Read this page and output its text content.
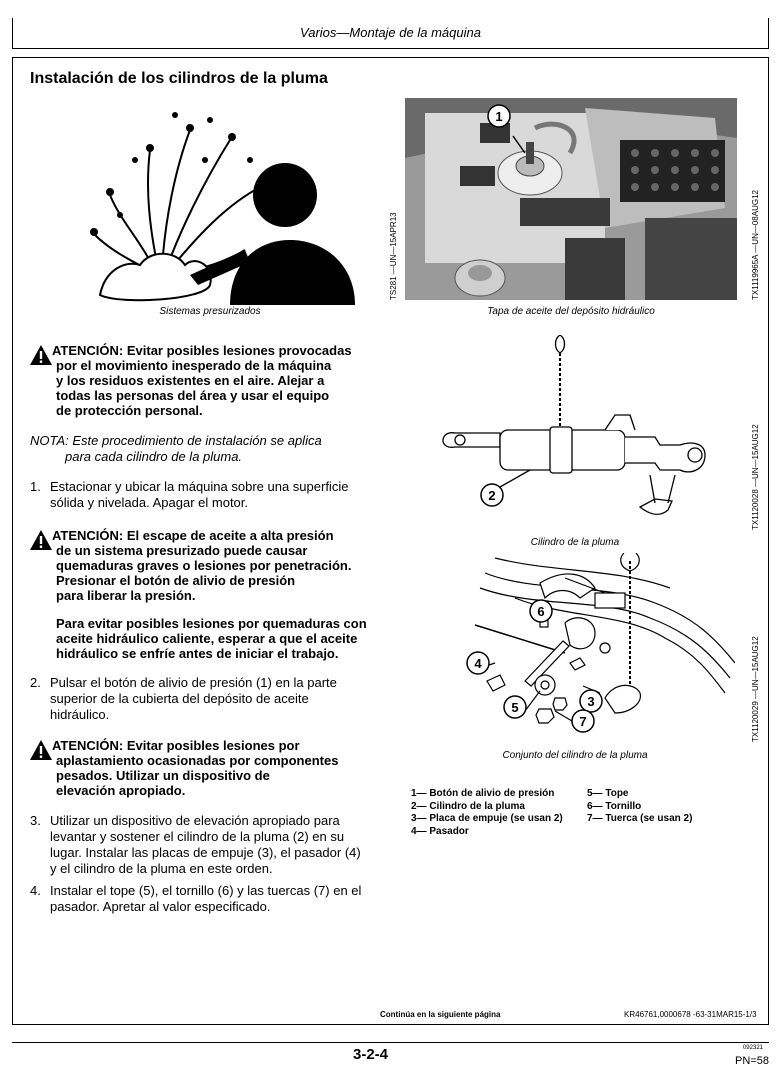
Varios—Montaje de la máquina
Instalación de los cilindros de la pluma
TS281 —UN—15APR13
Sistemas presurizados
1
TX1119965A —UN—08AUG12
Tapa de aceite del depósito hidráulico
ATENCIÓN: Evitar posibles lesiones provocadas
por el movimiento inesperado de la máquina
y los residuos existentes en el aire. Alejar a
todas las personas del área y usar el equipo
de protección personal.
NOTA: Este procedimiento de instalación se aplica
para cada cilindro de la pluma.
1. Estacionar y ubicar la máquina sobre una superficie
sólida y nivelada. Apagar el motor.
ATENCIÓN: El escape de aceite a alta presión
de un sistema presurizado puede causar
quemaduras graves o lesiones por penetración.
Presionar el botón de alivio de presión
para liberar la presión.
Para evitar posibles lesiones por quemaduras con
aceite hidráulico caliente, esperar a que el aceite
hidráulico se enfríe antes de iniciar el trabajo.
2. Pulsar el botón de alivio de presión (1) en la parte
superior de la cubierta del depósito de aceite
hidráulico.
ATENCIÓN: Evitar posibles lesiones por
aplastamiento ocasionadas por componentes
pesados. Utilizar un dispositivo de
elevación apropiado.
3. Utilizar un dispositivo de elevación apropiado para
levantar y sostener el cilindro de la pluma (2) en su
lugar. Instalar las placas de empuje (3), el pasador (4)
y el cilindro de la pluma en este orden.
4. Instalar el tope (5), el tornillo (6) y las tuercas (7) en el
pasador. Apretar al valor especificado.
2	TX1120028 —UN—15AUG12
Cilindro de la pluma
6
4
5	3
7	TX1120029 —UN—15AUG12
Conjunto del cilindro de la pluma
1— Botón de alivio de presión
2— Cilindro de la pluma
3— Placa de empuje (se usan 2)
4— Pasador
5— Tope
6— Tornillo
7— Tuerca (se usan 2)
Continúa en la siguiente página	KR46761,0000678 -63-31MAR15-1/3
3-2-4	092321
PN=58
